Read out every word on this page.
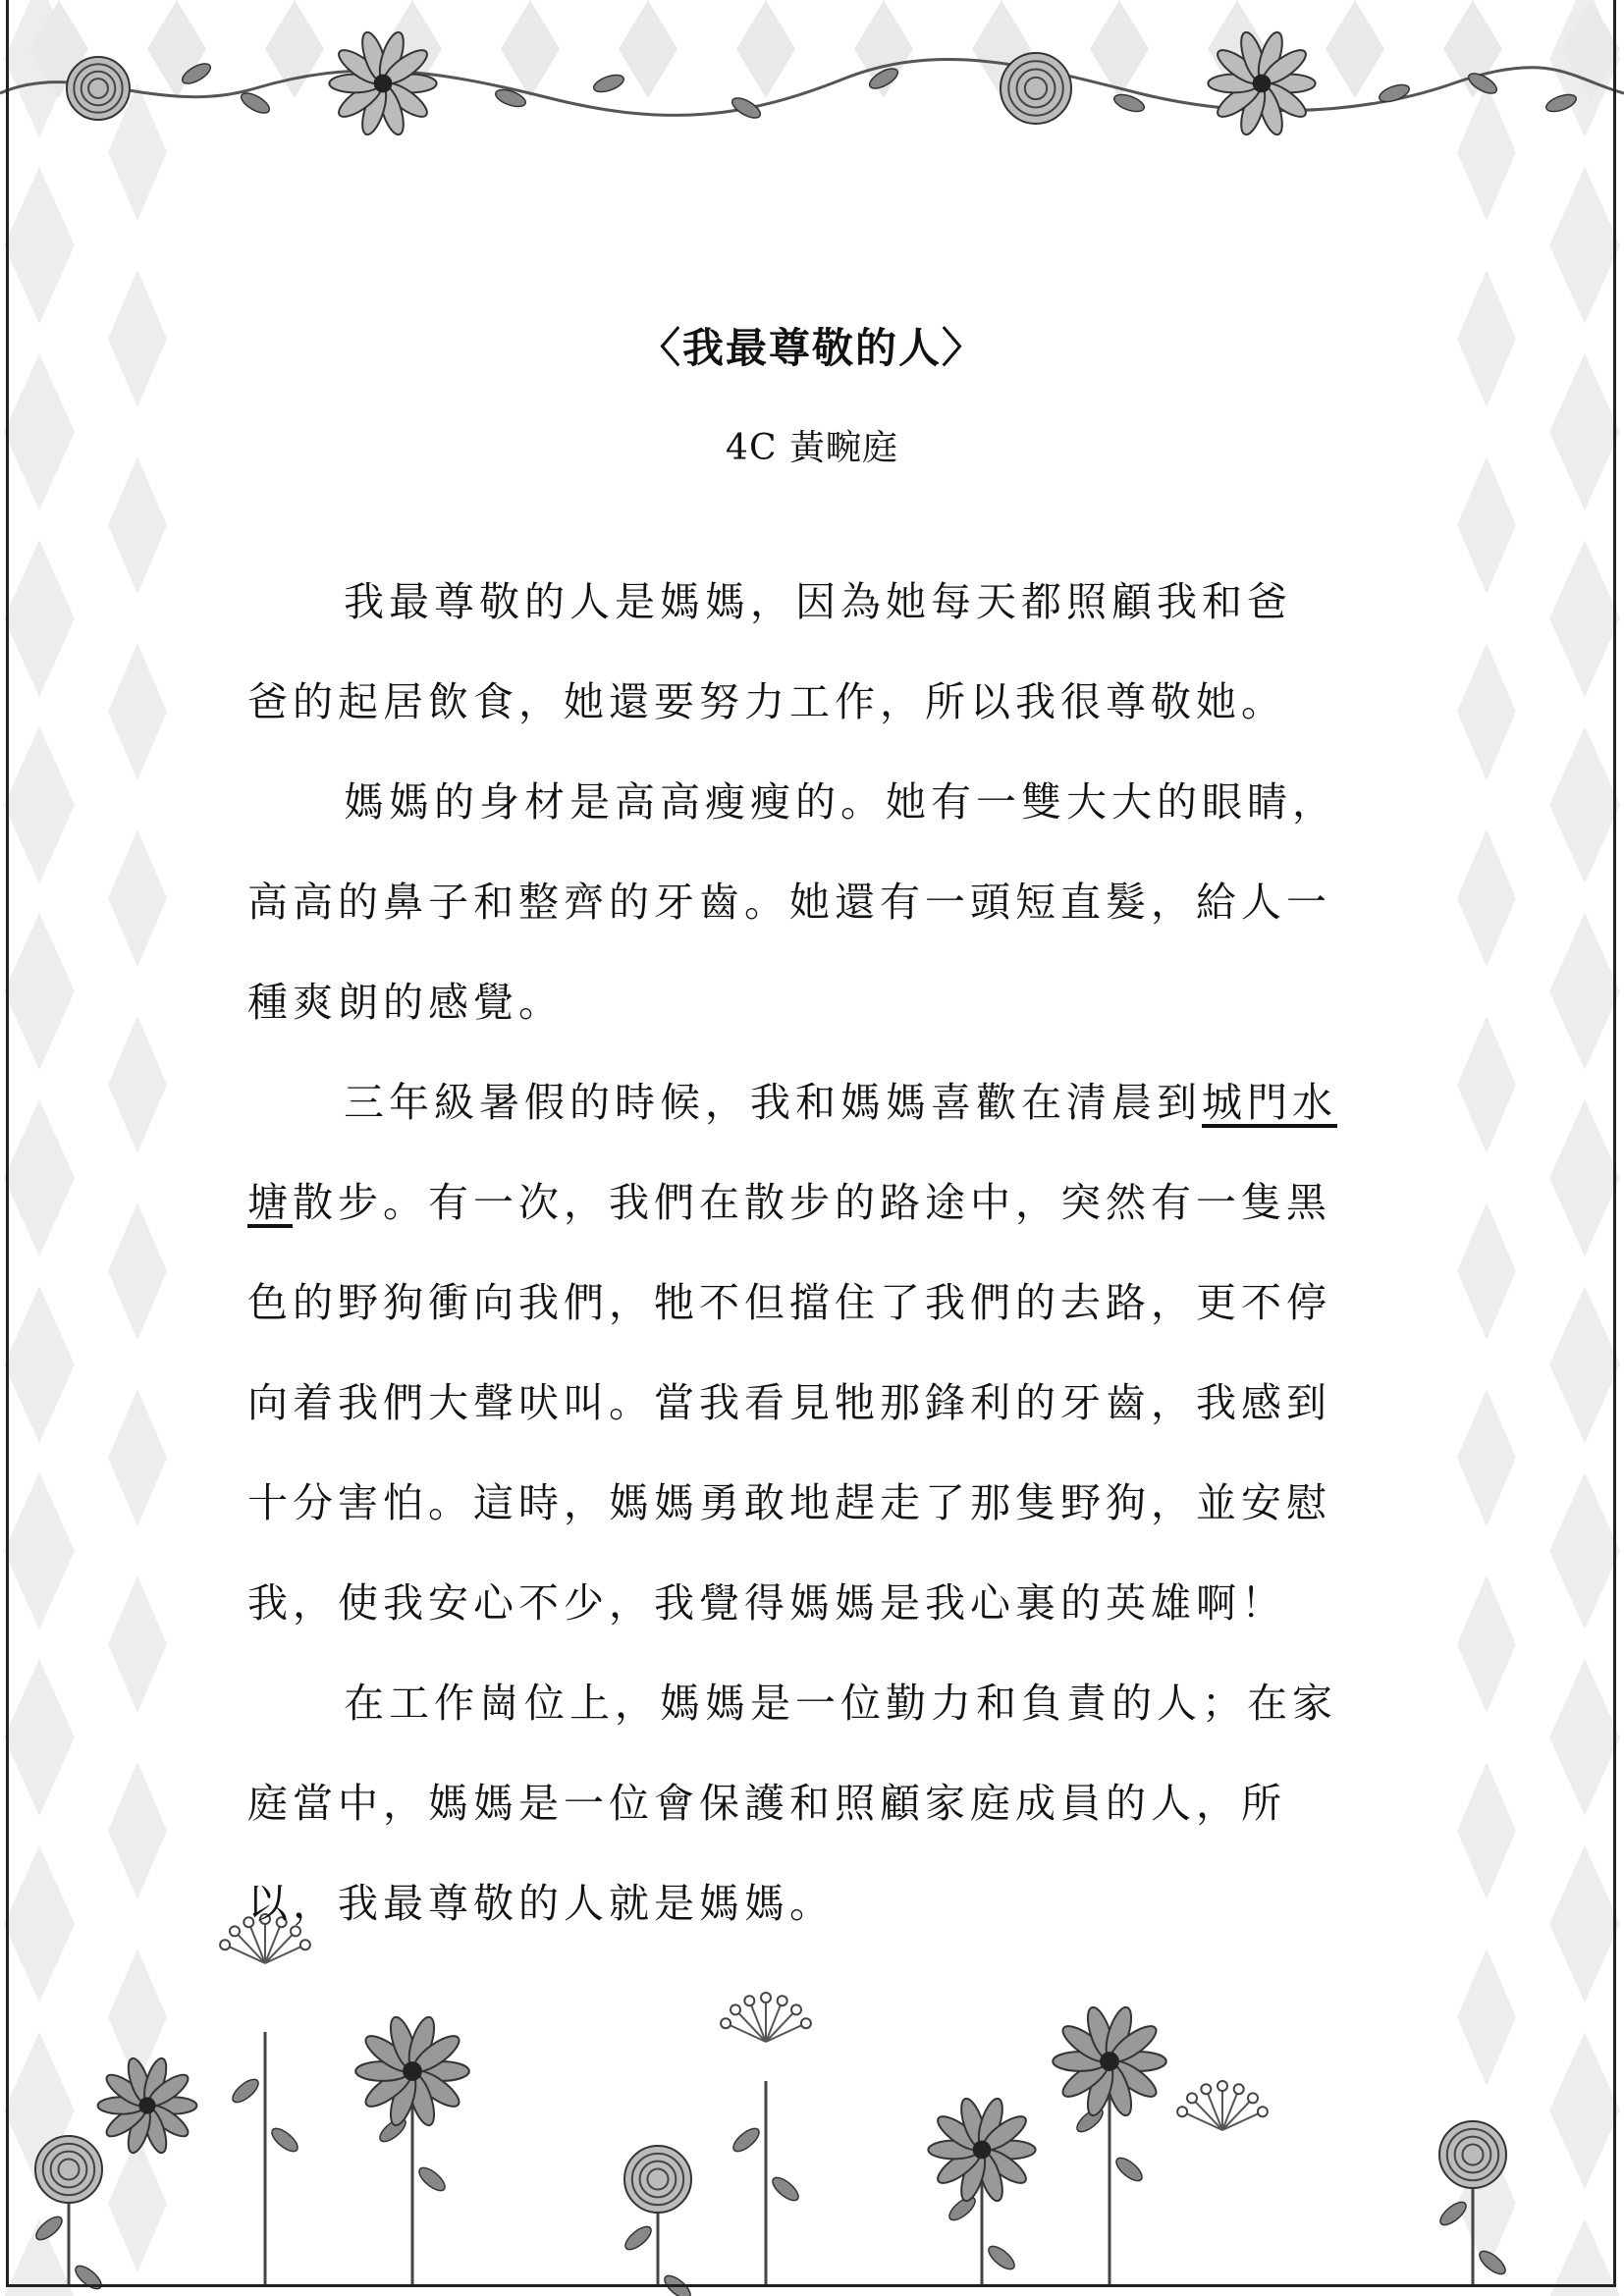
〈我最尊敬的人〉
4C 黃畹庭
我最尊敬的人是媽媽，因為她每天都照顧我和爸
爸的起居飲食，她還要努力工作，所以我很尊敬她。
媽媽的身材是高高瘦瘦的。她有一雙大大的眼睛，
高高的鼻子和整齊的牙齒。她還有一頭短直髮，給人一
種爽朗的感覺。
三年級暑假的時候，我和媽媽喜歡在清晨到城門水
塘散步。有一次，我們在散步的路途中，突然有一隻黑
色的野狗衝向我們，牠不但擋住了我們的去路，更不停
向着我們大聲吠叫。當我看見牠那鋒利的牙齒，我感到
十分害怕。這時，媽媽勇敢地趕走了那隻野狗，並安慰
我，使我安心不少，我覺得媽媽是我心裏的英雄啊！
在工作崗位上，媽媽是一位勤力和負責的人；在家
庭當中，媽媽是一位會保護和照顧家庭成員的人，所
以，我最尊敬的人就是媽媽。
